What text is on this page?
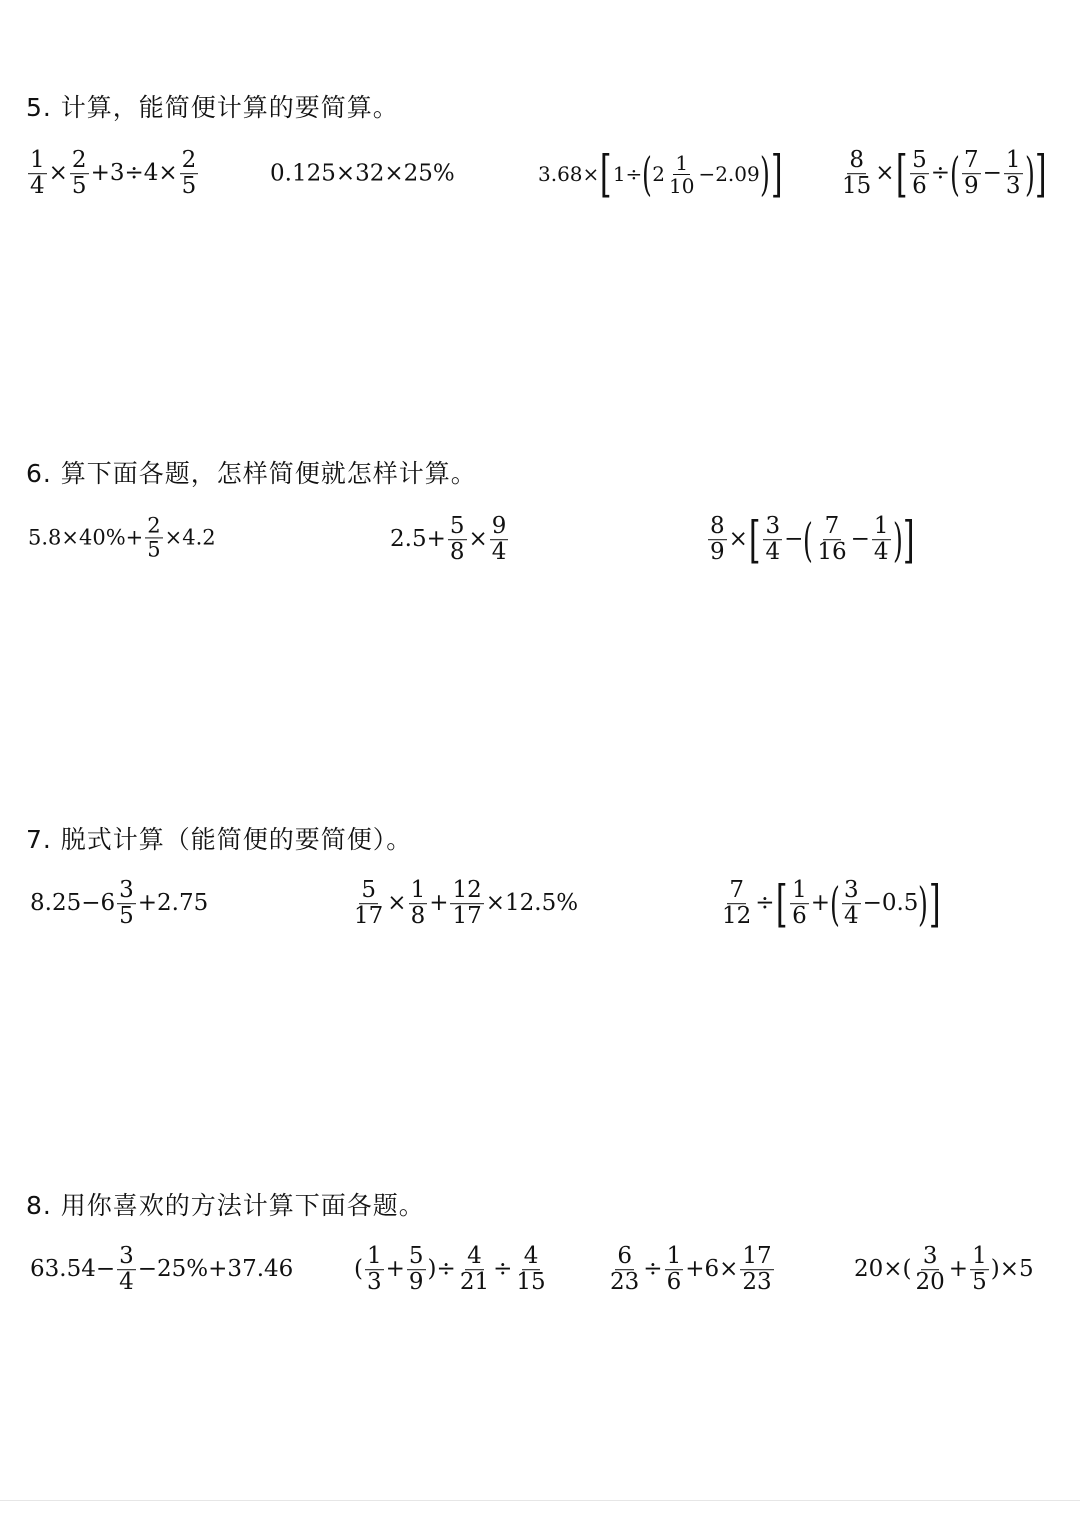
5. 计算，能简便计算的要简算。
$\frac{1}{4} \times \frac{2}{5} +3\div 4\times \frac{2}{5}$	0.125×32×25%	3.68× [ 1÷ ( $2 \frac{1}{10} -2.09$ ) ]	$\frac{8}{15}$ × [ $\frac{5}{6}$ ÷ ( $\frac{7}{9} - \frac{1}{3}$ ) ]
6. 算下面各题，怎样简便就怎样计算。
$5.8\times 40\%+ \frac{2}{5} \times 4.2$	$2.5+ \frac{5}{8} \times \frac{9}{4}$	$\frac{8}{9}$ × [ $\frac{3}{4}$ − ( $\frac{7}{16} - \frac{1}{4}$ ) ]
7. 脱式计算（能简便的要简便）。
$8.25-6 \frac{3}{5} +2.75$	$\frac{5}{17} \times \frac{1}{8} + \frac{12}{17} \times 12.5\%$	$\frac{7}{12}$ ÷ [ $\frac{1}{6}$ + ( $\frac{3}{4} -0.5$ ) ]
8. 用你喜欢的方法计算下面各题。
$63.54- \frac{3}{4} -25\%+37.46$	( $\frac{1}{3} + \frac{5}{9}$ ) ÷ $\frac{4}{21} \div \frac{4}{15}$	$\frac{6}{23} \div \frac{1}{6} +6\times \frac{17}{23}$	$20\times( \frac{3}{20} + \frac{1}{5} )\times 5$
